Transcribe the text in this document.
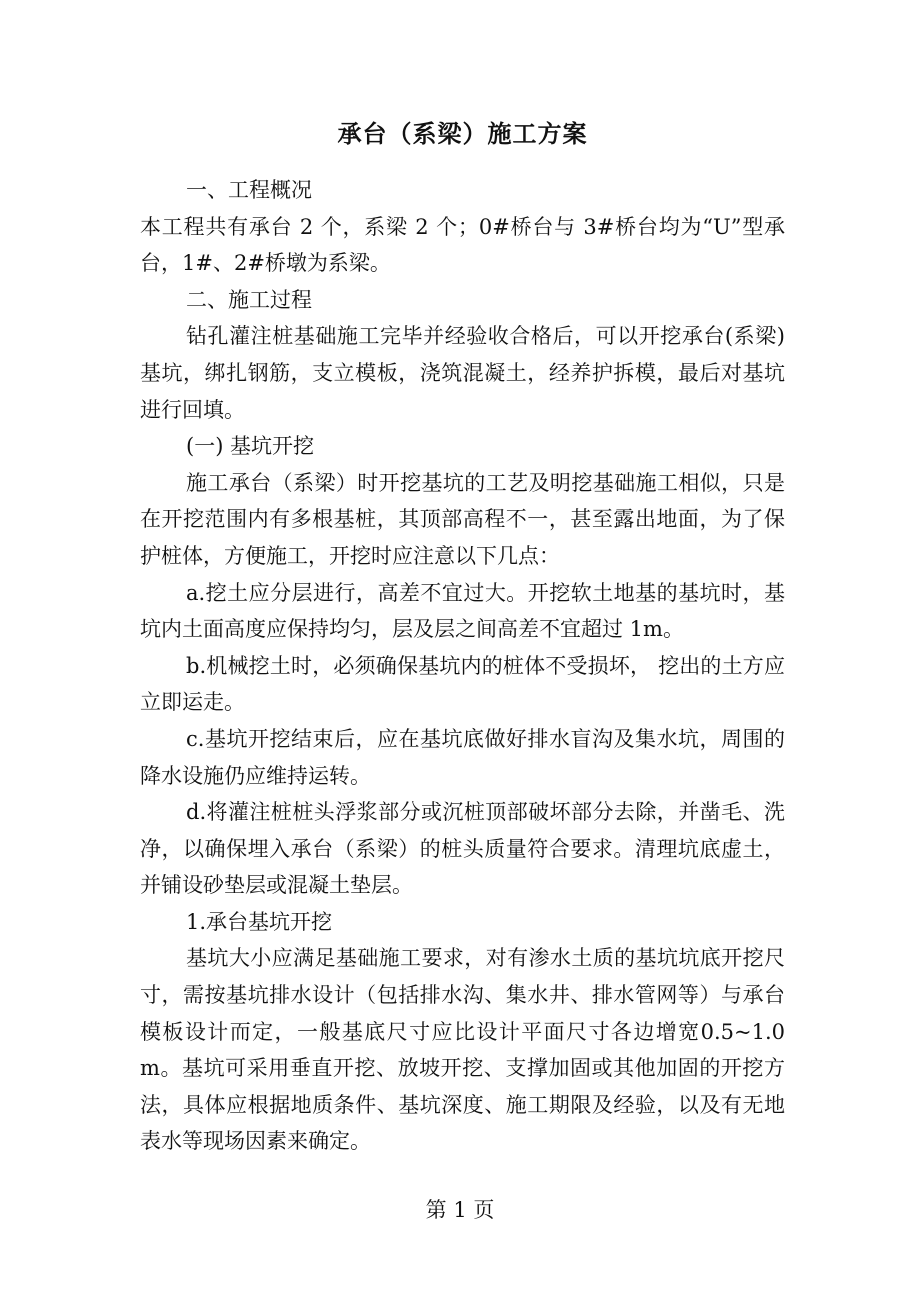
承台（系梁）施工方案

一、工程概况

本工程共有承台 2 个，系梁 2 个；0#桥台与 3#桥台均为“U”型承台，1#、2#桥墩为系梁。

二、施工过程

钻孔灌注桩基础施工完毕并经验收合格后，可以开挖承台(系梁)基坑，绑扎钢筋，支立模板，浇筑混凝土，经养护拆模，最后对基坑进行回填。

(一) 基坑开挖

施工承台（系梁）时开挖基坑的工艺及明挖基础施工相似，只是在开挖范围内有多根基桩，其顶部高程不一，甚至露出地面，为了保护桩体，方便施工，开挖时应注意以下几点：

a.挖土应分层进行，高差不宜过大。开挖软土地基的基坑时，基坑内土面高度应保持均匀，层及层之间高差不宜超过 1m。

b.机械挖土时，必须确保基坑内的桩体不受损坏， 挖出的土方应立即运走。

c.基坑开挖结束后，应在基坑底做好排水盲沟及集水坑，周围的降水设施仍应维持运转。

d.将灌注桩桩头浮浆部分或沉桩顶部破坏部分去除，并凿毛、洗净，以确保埋入承台（系梁）的桩头质量符合要求。清理坑底虚土，并铺设砂垫层或混凝土垫层。

1.承台基坑开挖

基坑大小应满足基础施工要求，对有渗水土质的基坑坑底开挖尺寸，需按基坑排水设计（包括排水沟、集水井、排水管网等）与承台模板设计而定，一般基底尺寸应比设计平面尺寸各边增宽0.5~1.0m。基坑可采用垂直开挖、放坡开挖、支撑加固或其他加固的开挖方法，具体应根据地质条件、基坑深度、施工期限及经验，以及有无地表水等现场因素来确定。

第 1 页
